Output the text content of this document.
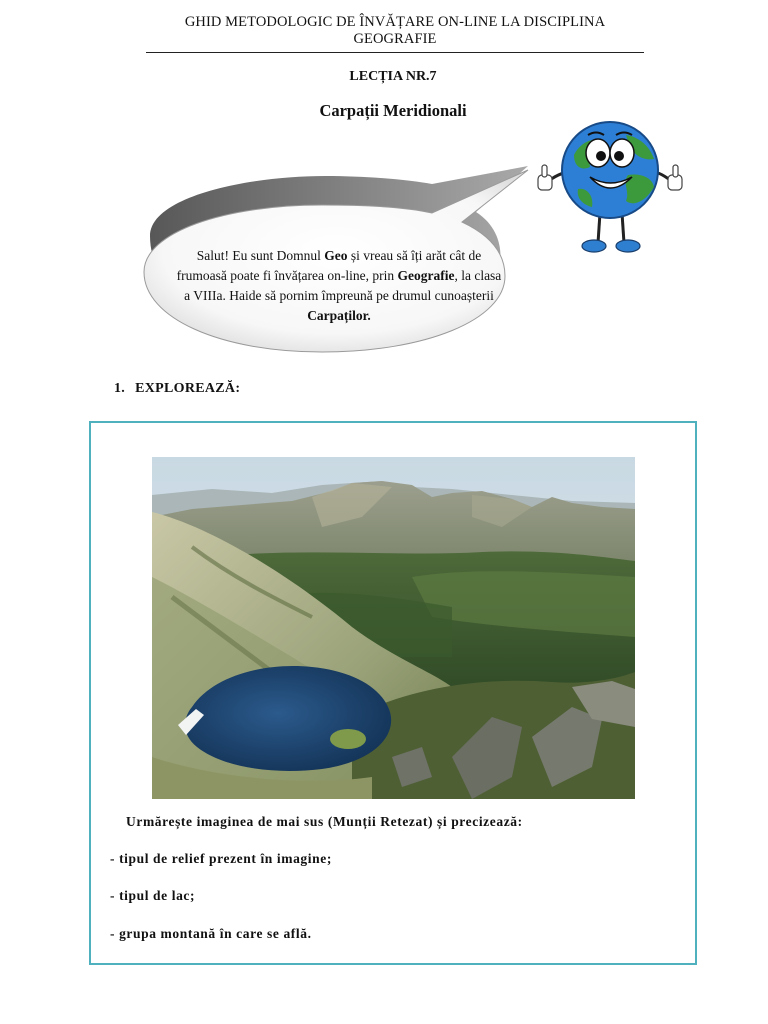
GHID METODOLOGIC DE ÎNVĂȚARE ON-LINE LA DISCIPLINA GEOGRAFIE
LECȚIA NR.7
Carpații Meridionali
Salut! Eu sunt Domnul Geo și vreau să îți arăt cât de frumoasă poate fi învățarea on-line, prin Geografie, la clasa a VIIIa. Haide să pornim împreună pe drumul cunoașterii Carpaților.
1. EXPLOREAZĂ:
Urmărește imaginea de mai sus (Munții Retezat) și precizează:
- tipul de relief prezent în imagine;
- tipul de lac;
- grupa montană în care se află.
